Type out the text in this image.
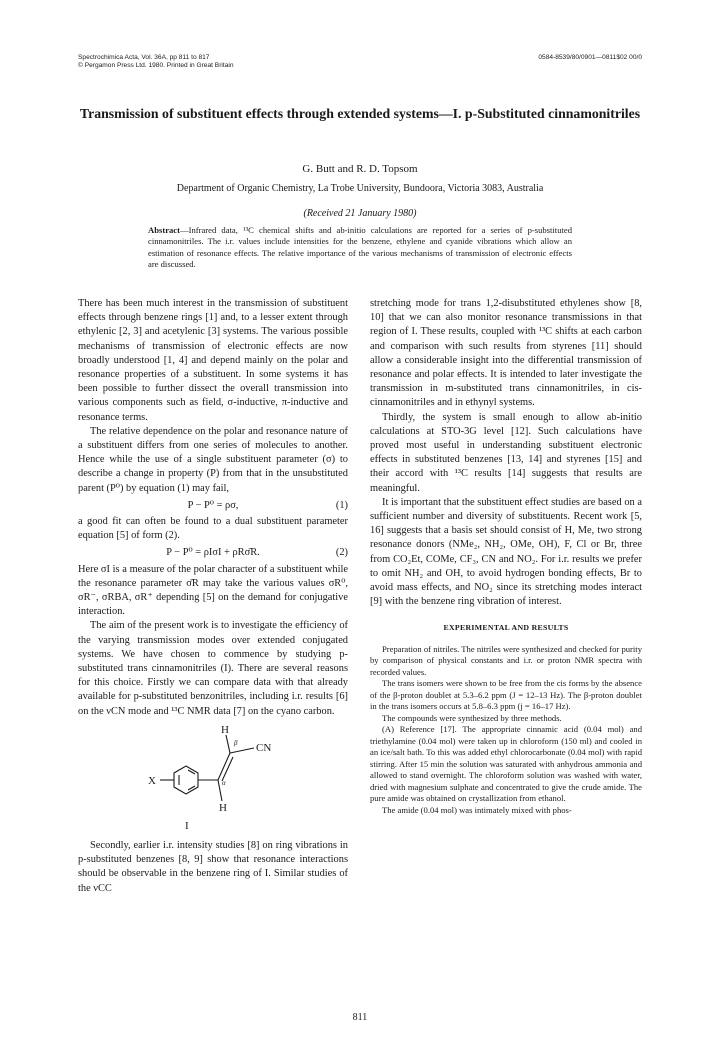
Spectrochimica Acta, Vol. 36A, pp 811 to 817
© Pergamon Press Ltd. 1980. Printed in Great Britain
0584-8539/80/0901—0811$02 00/0
Transmission of substituent effects through extended systems—I. p-Substituted cinnamonitriles
G. Butt and R. D. Topsom
Department of Organic Chemistry, La Trobe University, Bundoora, Victoria 3083, Australia
(Received 21 January 1980)
Abstract—Infrared data, ¹³C chemical shifts and ab-initio calculations are reported for a series of p-substituted cinnamonitriles. The i.r. values include intensities for the benzene, ethylene and cyanide vibrations which allow an estimation of resonance effects. The relative importance of the various mechanisms of transmission of electronic effects are discussed.

There has been much interest in the transmission of substituent effects through benzene rings [1] and, to a lesser extent through ethylenic [2, 3] and acetylenic [3] systems. The various possible mechanisms of transmission of electronic effects are now broadly understood [1, 4] and depend mainly on the polar and resonance properties of a substituent. In some systems it has been possible to further dissect the overall transmission into various components such as field, σ-inductive, π-inductive and resonance terms.

The relative dependence on the polar and resonance nature of a substituent differs from one series of molecules to another. Hence while the use of a single substituent parameter (σ) to describe a change in property (P) from that in the unsubstituted parent (P⁰) by equation (1) may fail,

P − P⁰ = ρσ,	(1)

a good fit can often be found to a dual substituent parameter equation [5] of form (2).

P − P⁰ = ρIσI + ρRσ̄R.	(2)

Here σI is a measure of the polar character of a substituent while the resonance parameter σ̄R may take the various values σR⁰, σR⁻, σRBA, σR⁺ depending [5] on the demand for conjugative interaction.

The aim of the present work is to investigate the efficiency of the varying transmission modes over extended conjugated systems. We have chosen to commence by studying p-substituted trans cinnamonitriles (I). There are several reasons for this choice. Firstly we can compare data with that already available for p-substituted benzonitriles, including i.r. results [6] on the νCN mode and ¹³C NMR data [7] on the cyano carbon.

H
β CN
X	α
H
I

Secondly, earlier i.r. intensity studies [8] on ring vibrations in p-substituted benzenes [8, 9] show that resonance interactions should be observable in the benzene ring of I. Similar studies of the νCC

stretching mode for trans 1,2-disubstituted ethylenes show [8, 10] that we can also monitor resonance transmissions in that region of I. These results, coupled with ¹³C shifts at each carbon and comparison with such results from styrenes [11] should allow a considerable insight into the differential transmission of resonance and polar effects. It is intended to later investigate the transmission in m-substituted trans cinnamonitriles, in cis-cinnamonitriles and in ethynyl systems.

Thirdly, the system is small enough to allow ab-initio calculations at STO-3G level [12]. Such calculations have proved most useful in understanding substituent electronic effects in substituted benzenes [13, 14] and styrenes [15] and their accord with ¹³C results [14] suggests that results are meaningful.

It is important that the substituent effect studies are based on a sufficient number and diversity of substituents. Recent work [5, 16] suggests that a basis set should consist of H, Me, two strong resonance donors (NMe₂, NH₂, OMe, OH), F, Cl or Br, three from CO₂Et, COMe, CF₃, CN and NO₂. For i.r. results we prefer to omit NH₂ and OH, to avoid hydrogen bonding effects, Br to avoid mass effects, and NO₂ since its stretching modes interact [9] with the benzene ring vibration of interest.

EXPERIMENTAL AND RESULTS

Preparation of nitriles. The nitriles were synthesized and checked for purity by comparison of physical constants and i.r. or proton NMR spectra with recorded values.

The trans isomers were shown to be free from the cis forms by the absence of the β-proton doublet at 5.3–6.2 ppm (J = 12–13 Hz). The β-proton doublet in the trans isomers occurs at 5.8–6.3 ppm (j = 16–17 Hz).

The compounds were synthesized by three methods.

(A) Reference [17]. The appropriate cinnamic acid (0.04 mol) and triethylamine (0.04 mol) were taken up in chloroform (150 ml) and cooled in an ice/salt bath. To this was added ethyl chlorocarbonate (0.04 mol) with rapid stirring. After 15 min the solution was saturated with anhydrous ammonia and allowed to stand overnight. The chloroform solution was washed with water, dried with magnesium sulphate and concentrated to give the crude amide. The pure amide was obtained on crystallization from ethanol.

The amide (0.04 mol) was intimately mixed with phos-

811
